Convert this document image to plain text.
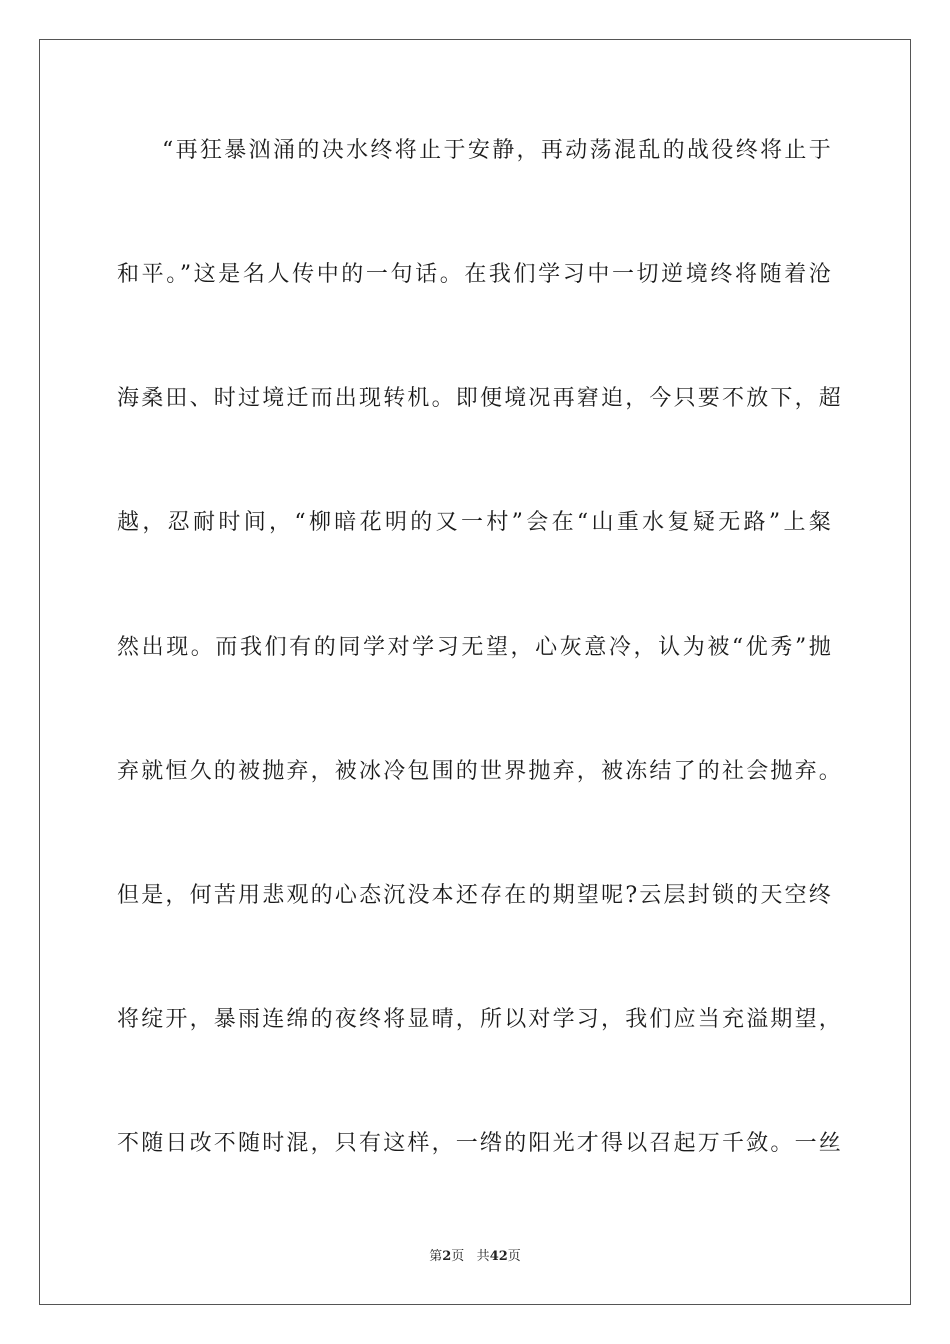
“再狂暴汹涌的决水终将止于安静，再动荡混乱的战役终将止于
和平。”这是名人传中的一句话。在我们学习中一切逆境终将随着沧
海桑田、时过境迁而出现转机。即便境况再窘迫，今只要不放下，超
越，忍耐时间，“柳暗花明的又一村”会在“山重水复疑无路”上粲
然出现。而我们有的同学对学习无望，心灰意冷，认为被“优秀”抛
弃就恒久的被抛弃，被冰冷包围的世界抛弃，被冻结了的社会抛弃。
但是，何苦用悲观的心态沉没本还存在的期望呢?云层封锁的天空终
将绽开，暴雨连绵的夜终将显晴，所以对学习，我们应当充溢期望，
不随日改不随时混，只有这样，一绺的阳光才得以召起万千敛。一丝
第2页 共42页
